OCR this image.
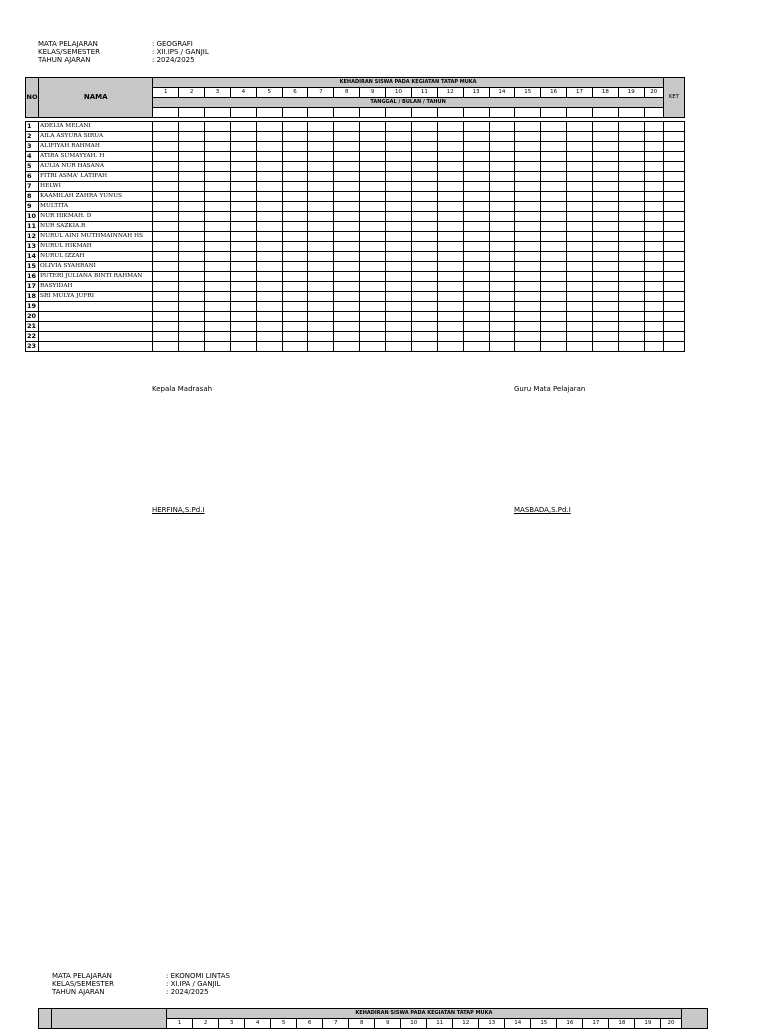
MATA PELAJARAN	: GEOGRAFI
KELAS/SEMESTER	: XII.IPS / GANJIL
TAHUN AJARAN	: 2024/2025
NO	NAMA	KEHADIRAN SISWA PADA KEGIATAN TATAP MUKA																				KET
		1	2	3	4	5	6	7	8	9	10	11	12	13	14	15	16	17	18	19	20	
		TANGGAL / BULAN / TAHUN																				

1	ADELIA MELANI																					
2	AILA ASYURA SIRUA																					
3	ALIFIYAH RAHMAH																					
4	ATIRA SUMAYYAH. H																					
5	AULIA NUR HASANA																					
6	FITRI ASMA' LATIFAH																					
7	HELWI																					
8	KAAMILAH ZAHRA YUNUS																					
9	MULTITA																					
10	NUR HIKMAH. D																					
11	NUR SAZKIA.R																					
12	NURUL AINI MUTHMAINNAH HS																					
13	NURUL HIKMAH																					
14	NURUL IZZAH																					
15	OLIVIA SYAHRANI																					
16	PUTERI JULIANA BINTI RAHMAN																					
17	RASYIDAH																					
18	SRI MULYA JUFRI																					
19																						
20																						
21																						
22																						
23																						
Kepala Madrasah	Guru Mata Pelajaran
HERFINA,S.Pd.I	MASBADA,S.Pd.I
MATA PELAJARAN	: EKONOMI LINTAS
KELAS/SEMESTER	: XI.IPA / GANJIL
TAHUN AJARAN	: 2024/2025
		KEHADIRAN SISWA PADA KEGIATAN TATAP MUKA																				
		1	2	3	4	5	6	7	8	9	10	11	12	13	14	15	16	17	18	19	20	
